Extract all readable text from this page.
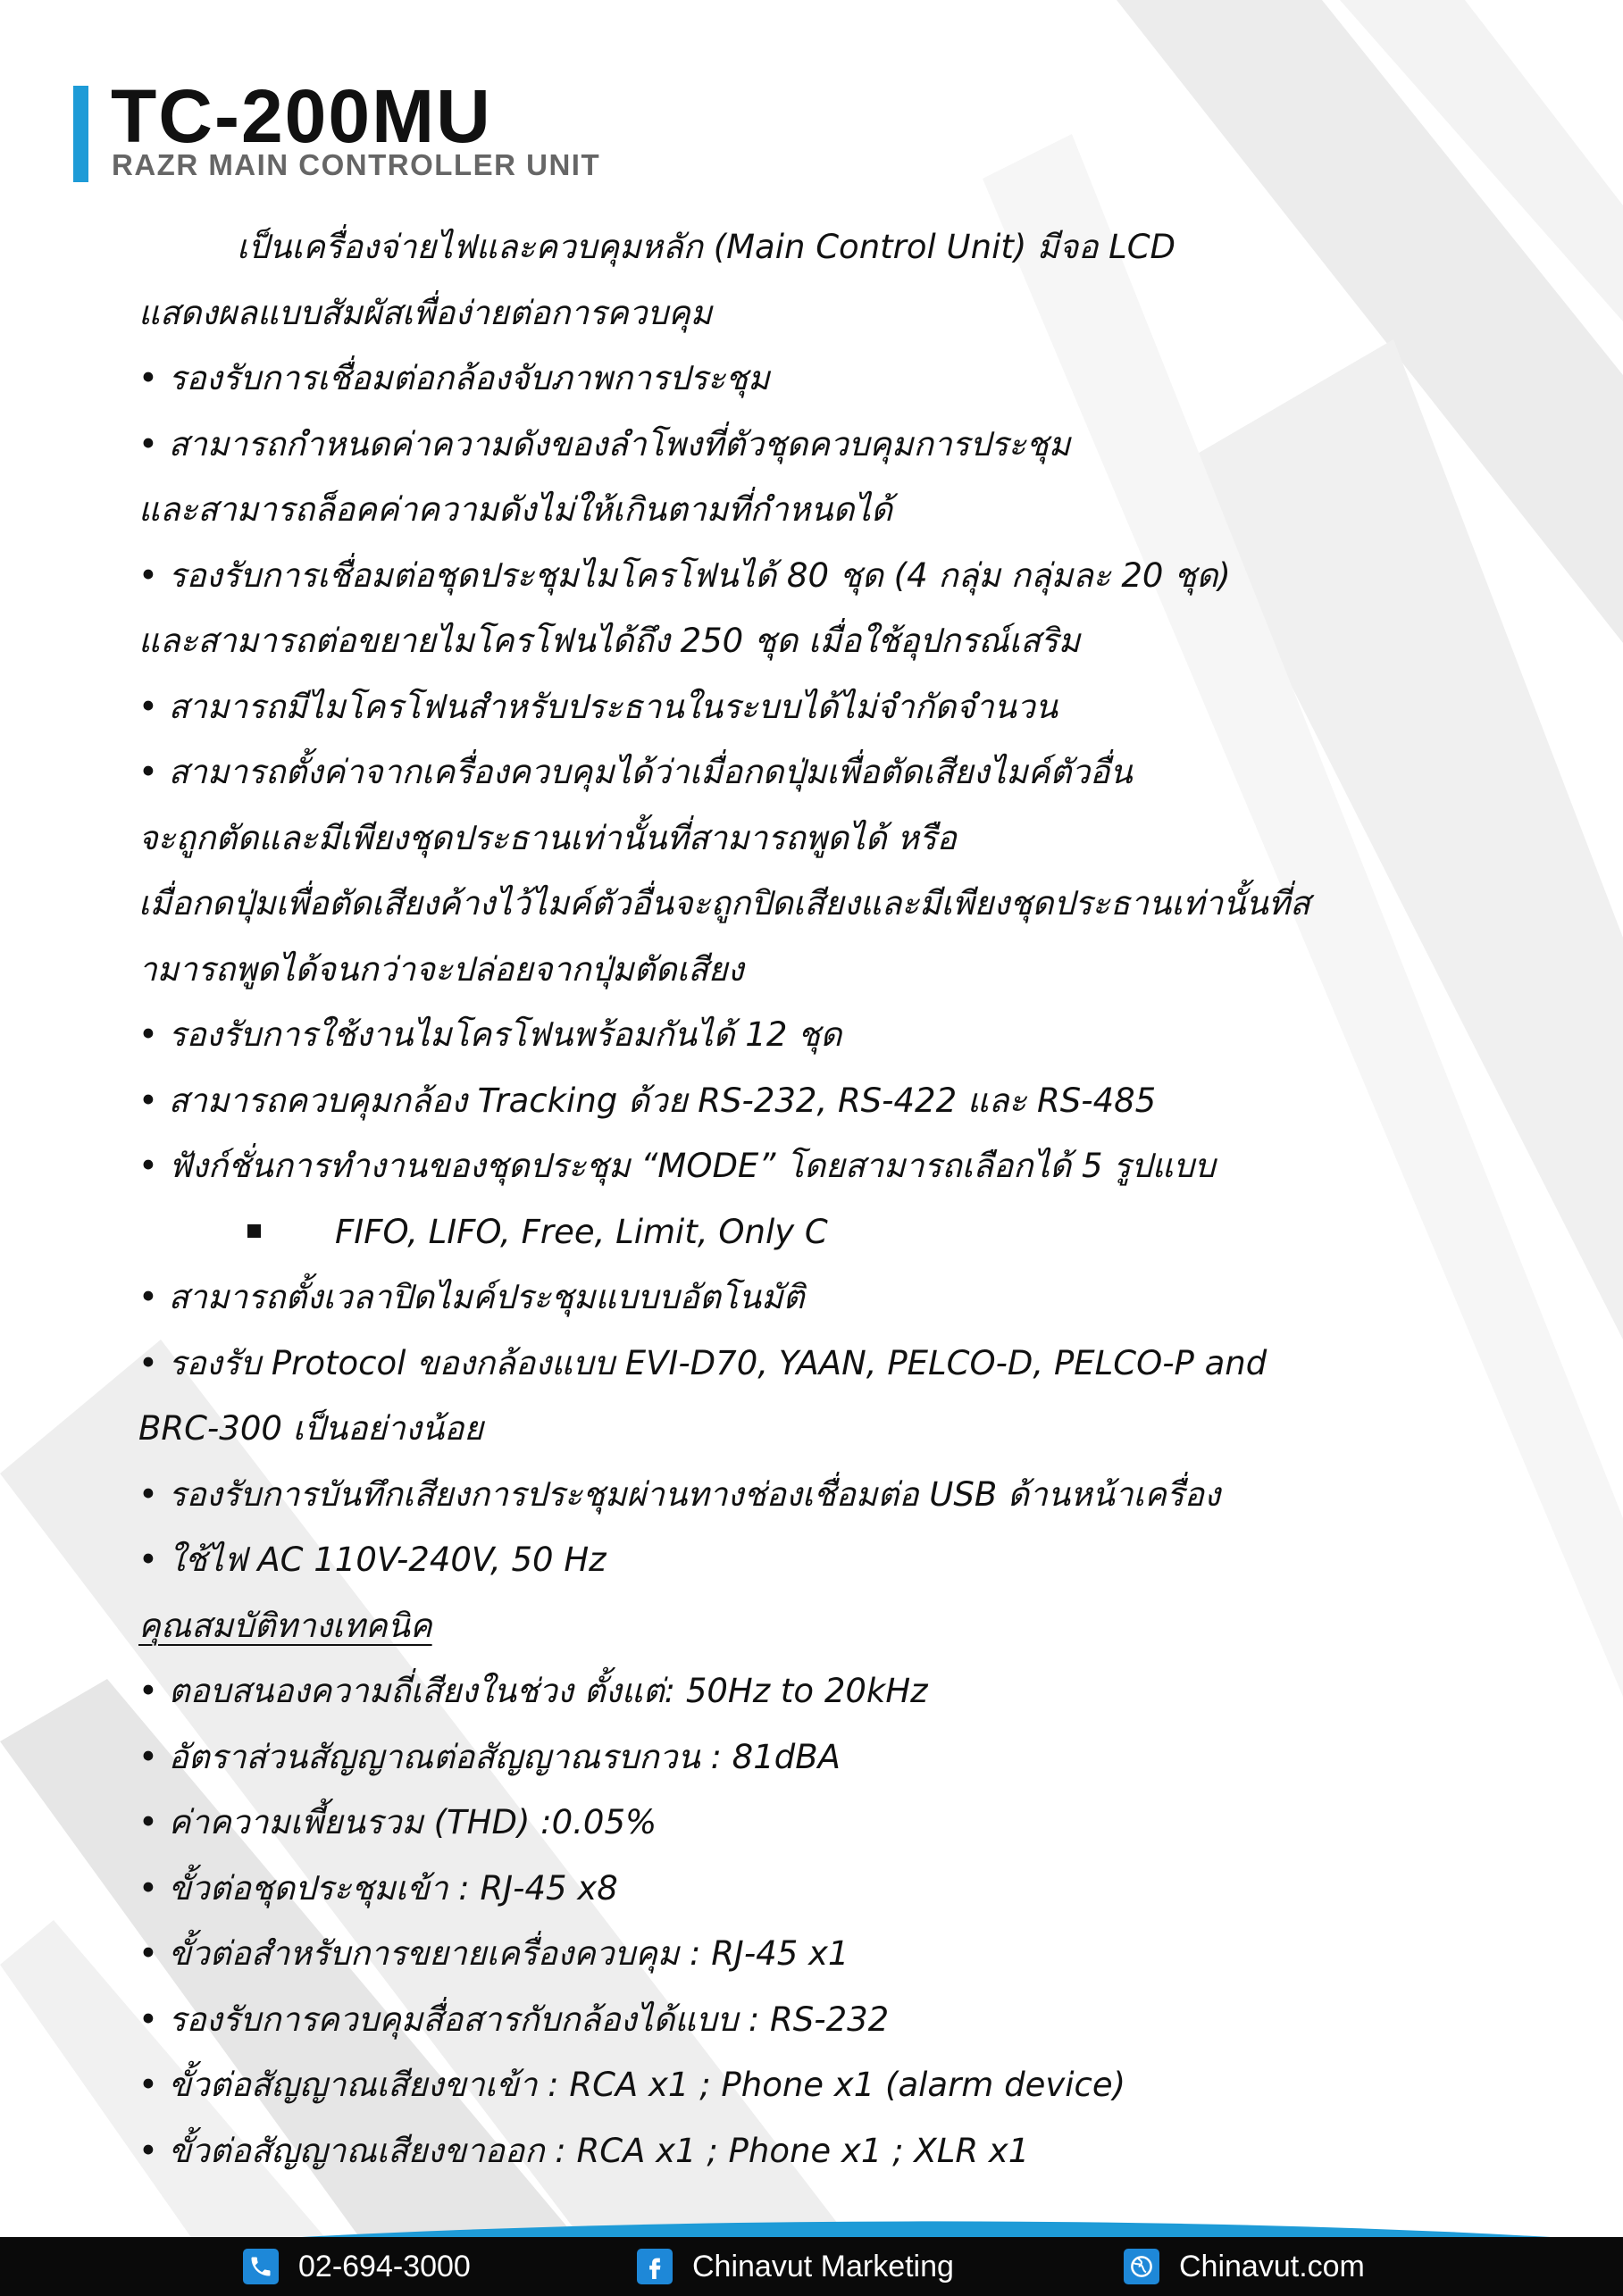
TC-200MU
RAZR MAIN CONTROLLER UNIT
เป็นเครื่องจ่ายไฟและควบคุมหลัก (Main Control Unit) มีจอ LCD
แสดงผลแบบสัมผัสเพื่อง่ายต่อการควบคุม
• รองรับการเชื่อมต่อกล้องจับภาพการประชุม
• สามารถกำหนดค่าความดังของลำโพงที่ตัวชุดควบคุมการประชุม
และสามารถล็อคค่าความดังไม่ให้เกินตามที่กำหนดได้
• รองรับการเชื่อมต่อชุดประชุมไมโครโฟนได้ 80 ชุด (4 กลุ่ม กลุ่มละ 20 ชุด)
และสามารถต่อขยายไมโครโฟนได้ถึง 250 ชุด เมื่อใช้อุปกรณ์เสริม
• สามารถมีไมโครโฟนสำหรับประธานในระบบได้ไม่จำกัดจำนวน
• สามารถตั้งค่าจากเครื่องควบคุมได้ว่าเมื่อกดปุ่มเพื่อตัดเสียงไมค์ตัวอื่น
จะถูกตัดและมีเพียงชุดประธานเท่านั้นที่สามารถพูดได้ หรือ
เมื่อกดปุ่มเพื่อตัดเสียงค้างไว้ไมค์ตัวอื่นจะถูกปิดเสียงและมีเพียงชุดประธานเท่านั้นที่ส
ามารถพูดได้จนกว่าจะปล่อยจากปุ่มตัดเสียง
• รองรับการใช้งานไมโครโฟนพร้อมกันได้ 12 ชุด
• สามารถควบคุมกล้อง Tracking ด้วย RS-232, RS-422 และ RS-485
• ฟังก์ชั่นการทำงานของชุดประชุม “MODE” โดยสามารถเลือกได้ 5 รูปแบบ
FIFO, LIFO, Free, Limit, Only C
• สามารถตั้งเวลาปิดไมค์ประชุมแบบบอัตโนมัติ
• รองรับ Protocol ของกล้องแบบ EVI-D70, YAAN, PELCO-D, PELCO-P and
BRC-300 เป็นอย่างน้อย
• รองรับการบันทึกเสียงการประชุมผ่านทางช่องเชื่อมต่อ USB ด้านหน้าเครื่อง
• ใช้ไฟ AC 110V-240V, 50 Hz
คุณสมบัติทางเทคนิค
• ตอบสนองความถี่เสียงในช่วง ตั้งแต่: 50Hz to 20kHz
• อัตราส่วนสัญญาณต่อสัญญาณรบกวน : 81dBA
• ค่าความเพี้ยนรวม (THD) :0.05%
• ขั้วต่อชุดประชุมเข้า : RJ-45 x8
• ขั้วต่อสำหรับการขยายเครื่องควบคุม : RJ-45 x1
• รองรับการควบคุมสื่อสารกับกล้องได้แบบ : RS-232
• ขั้วต่อสัญญาณเสียงขาเข้า : RCA x1 ; Phone x1 (alarm device)
• ขั้วต่อสัญญาณเสียงขาออก : RCA x1 ; Phone x1 ; XLR x1
02-694-3000	Chinavut Marketing	Chinavut.com
